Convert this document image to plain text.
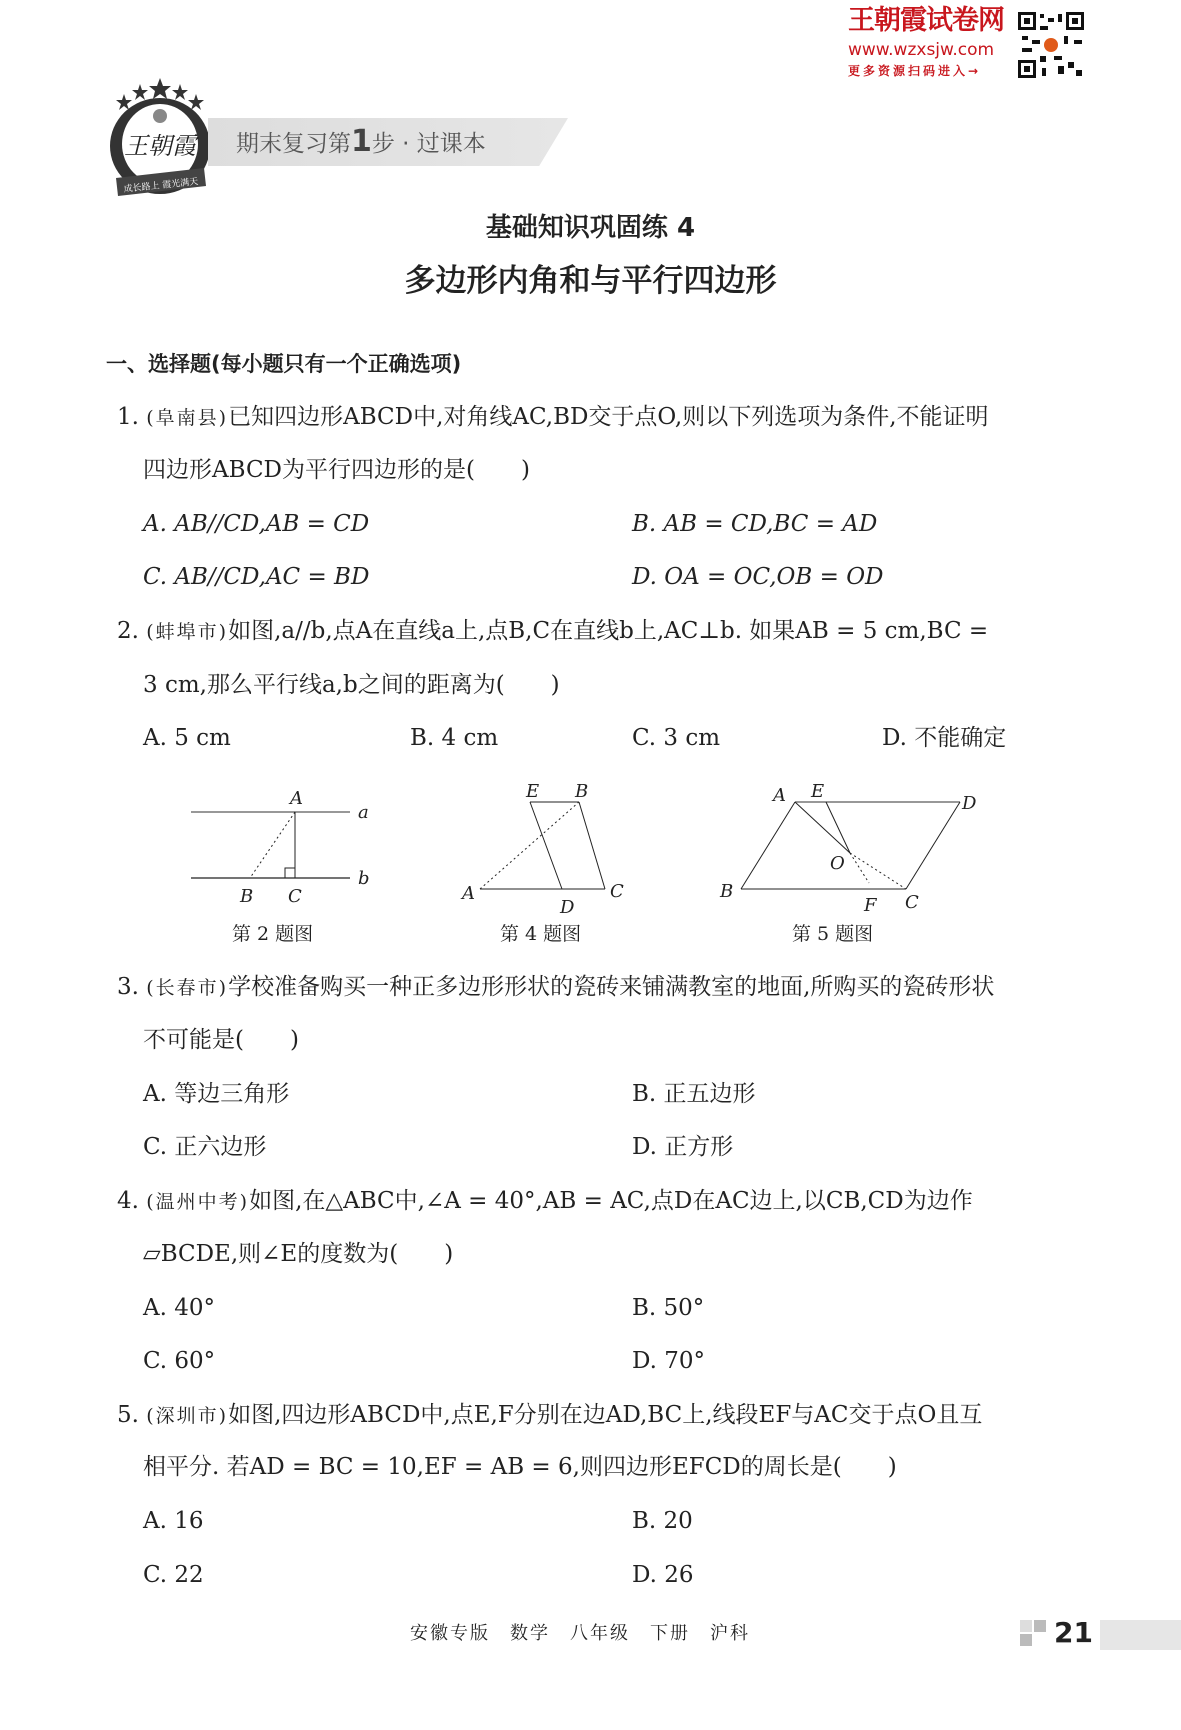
王朝霞试卷网
www.wzxsjw.com
更多资源扫码进入→
王朝霞
成长路上 霞光满天
期末复习第1步 · 过课本
基础知识巩固练 4
多边形内角和与平行四边形
一、选择题(每小题只有一个正确选项)
1. (阜南县)已知四边形ABCD中,对角线AC,BD交于点O,则以下列选项为条件,不能证明
四边形ABCD为平行四边形的是(　　)
A. AB//CD,AB = CD	B. AB = CD,BC = AD
C. AB//CD,AC = BD	D. OA = OC,OB = OD
2. (蚌埠市)如图,a//b,点A在直线a上,点B,C在直线b上,AC⊥b. 如果AB = 5 cm,BC =
3 cm,那么平行线a,b之间的距离为(　　)
A. 5 cm	B. 4 cm	C. 3 cm	D. 不能确定
A
a
b
B C
第 2 题图
E B
A
D
C
第 4 题图
A E
D
O
B
F C
第 5 题图
3. (长春市)学校准备购买一种正多边形形状的瓷砖来铺满教室的地面,所购买的瓷砖形状
不可能是(　　)
A. 等边三角形	B. 正五边形
C. 正六边形	D. 正方形
4. (温州中考)如图,在△ABC中,∠A = 40°,AB = AC,点D在AC边上,以CB,CD为边作
▱BCDE,则∠E的度数为(　　)
A. 40°	B. 50°
C. 60°	D. 70°
5. (深圳市)如图,四边形ABCD中,点E,F分别在边AD,BC上,线段EF与AC交于点O且互
相平分. 若AD = BC = 10,EF = AB = 6,则四边形EFCD的周长是(　　)
A. 16	B. 20
C. 22	D. 26
安徽专版　数学　八年级　下册　沪科	21
